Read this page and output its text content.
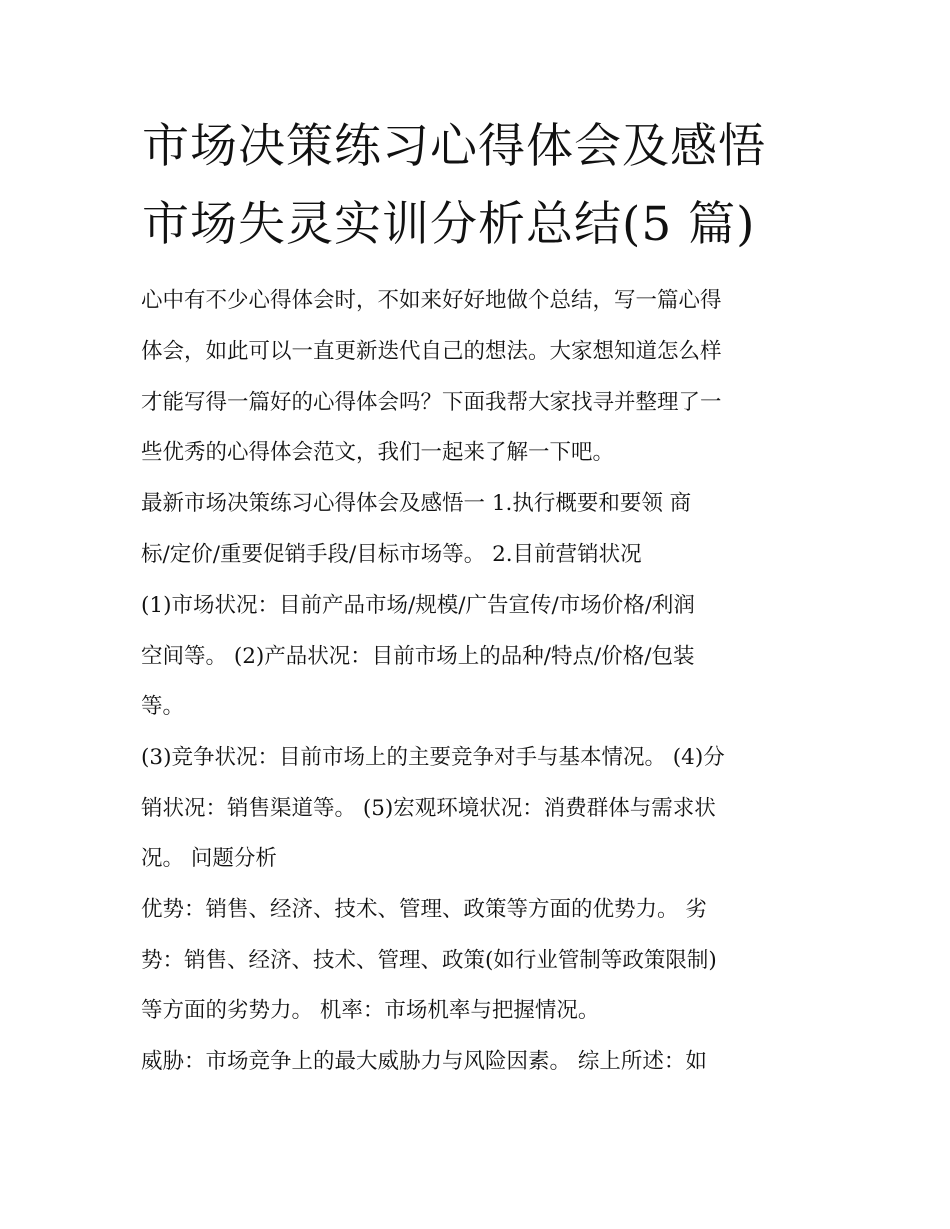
市场决策练习心得体会及感悟
市场失灵实训分析总结(5 篇)
心中有不少心得体会时，不如来好好地做个总结，写一篇心得
体会，如此可以一直更新迭代自己的想法。大家想知道怎么样
才能写得一篇好的心得体会吗？下面我帮大家找寻并整理了一
些优秀的心得体会范文，我们一起来了解一下吧。
最新市场决策练习心得体会及感悟一 1.执行概要和要领 商
标/定价/重要促销手段/目标市场等。 2.目前营销状况
(1)市场状况：目前产品市场/规模/广告宣传/市场价格/利润
空间等。 (2)产品状况：目前市场上的品种/特点/价格/包装
等。
(3)竞争状况：目前市场上的主要竞争对手与基本情况。 (4)分
销状况：销售渠道等。 (5)宏观环境状况：消费群体与需求状
况。 问题分析
优势：销售、经济、技术、管理、政策等方面的优势力。 劣
势：销售、经济、技术、管理、政策(如行业管制等政策限制)
等方面的劣势力。 机率：市场机率与把握情况。
威胁：市场竞争上的最大威胁力与风险因素。 综上所述：如
